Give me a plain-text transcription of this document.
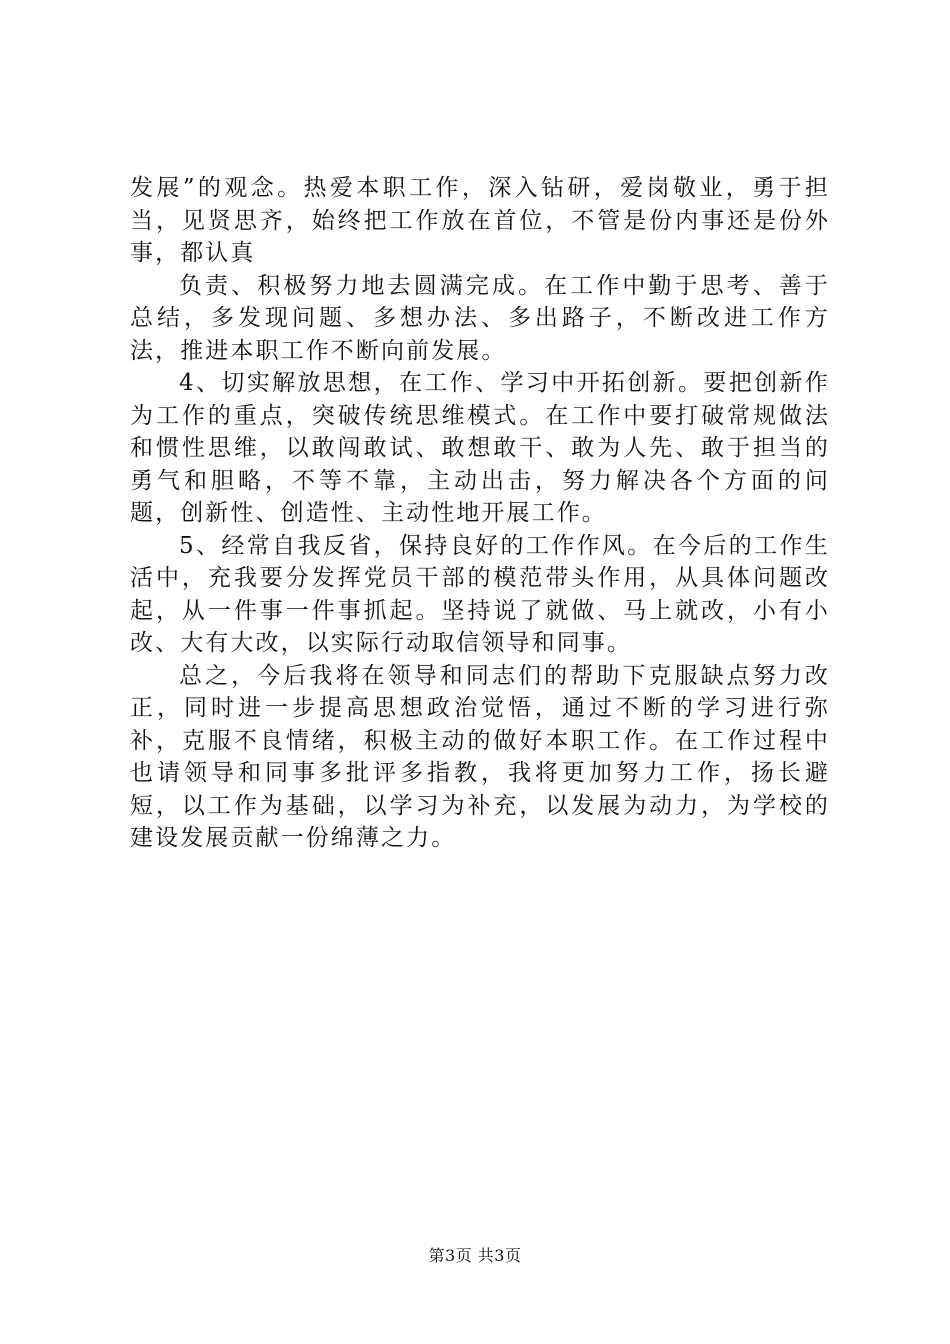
发展”的观念。热爱本职工作，深入钻研，爱岗敬业，勇于担当，见贤思齐，始终把工作放在首位，不管是份内事还是份外事，都认真

负责、积极努力地去圆满完成。在工作中勤于思考、善于总结，多发现问题、多想办法、多出路子，不断改进工作方法，推进本职工作不断向前发展。

4、切实解放思想，在工作、学习中开拓创新。要把创新作为工作的重点，突破传统思维模式。在工作中要打破常规做法和惯性思维，以敢闯敢试、敢想敢干、敢为人先、敢于担当的勇气和胆略，不等不靠，主动出击，努力解决各个方面的问题，创新性、创造性、主动性地开展工作。

5、经常自我反省，保持良好的工作作风。在今后的工作生活中，充我要分发挥党员干部的模范带头作用，从具体问题改起，从一件事一件事抓起。坚持说了就做、马上就改，小有小改、大有大改，以实际行动取信领导和同事。

总之，今后我将在领导和同志们的帮助下克服缺点努力改正，同时进一步提高思想政治觉悟，通过不断的学习进行弥补，克服不良情绪，积极主动的做好本职工作。在工作过程中也请领导和同事多批评多指教，我将更加努力工作，扬长避短，以工作为基础，以学习为补充，以发展为动力，为学校的建设发展贡献一份绵薄之力。

第3页 共3页
